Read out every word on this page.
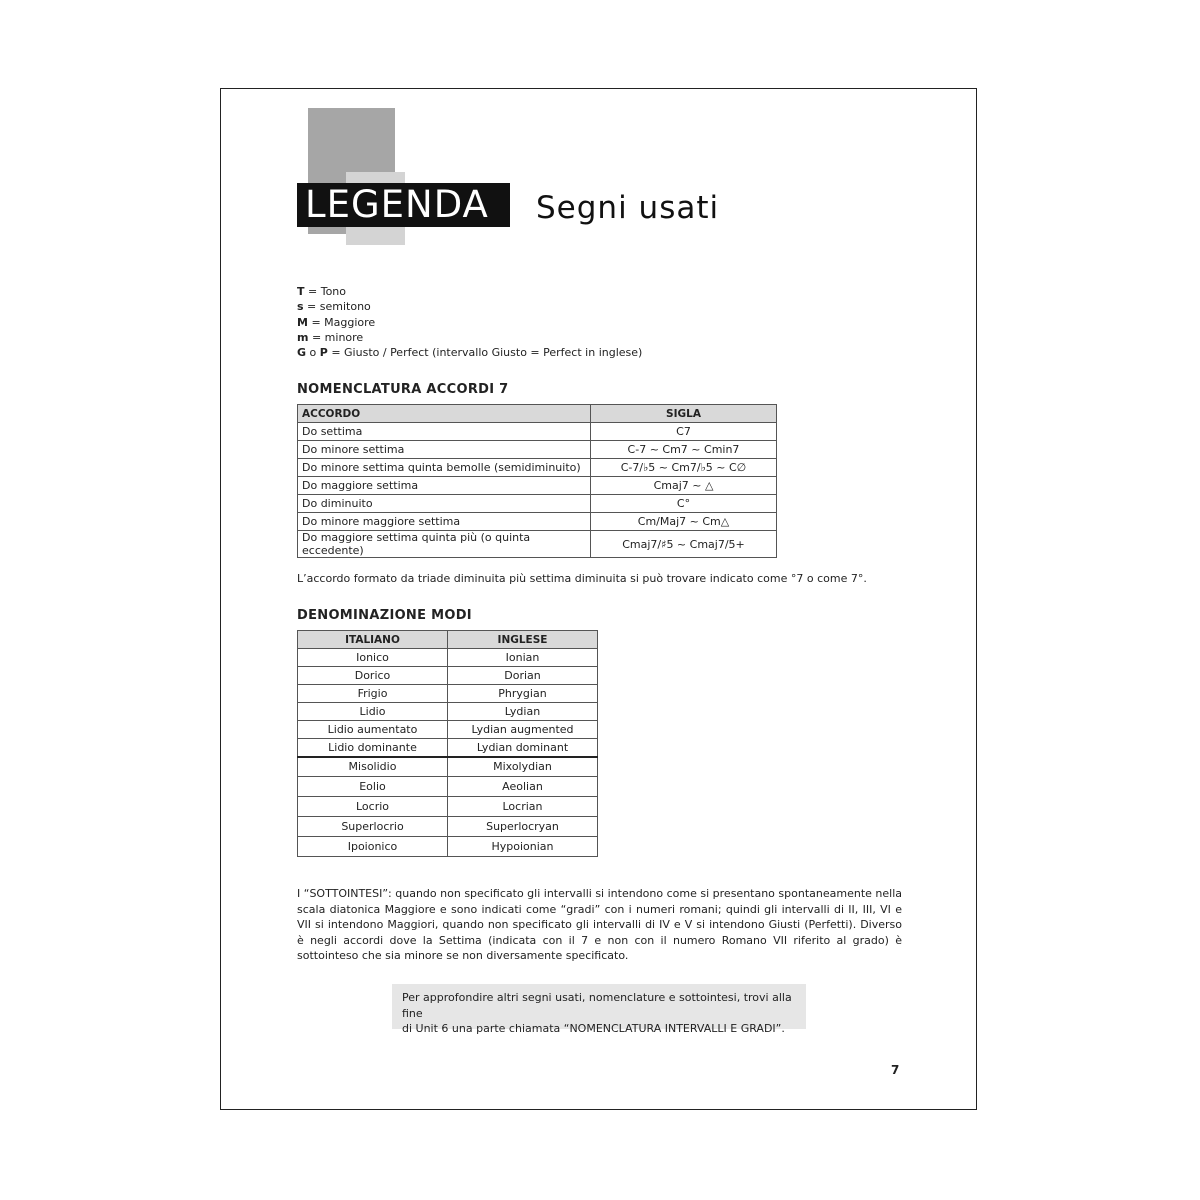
LEGENDA	Segni usati
T = Tono
s = semitono
M = Maggiore
m = minore
G o P = Giusto / Perfect (intervallo Giusto = Perfect in inglese)
NOMENCLATURA ACCORDI 7
ACCORDO	SIGLA
Do settima	C7
Do minore settima	C-7 ~ Cm7 ~ Cmin7
Do minore settima quinta bemolle (semidiminuito)	C-7/♭5 ~ Cm7/♭5 ~ C∅
Do maggiore settima	Cmaj7 ~ △
Do diminuito	C°
Do minore maggiore settima	Cm/Maj7 ~ Cm△
Do maggiore settima quinta più (o quinta eccedente)	Cmaj7/♯5 ~ Cmaj7/5+
L’accordo formato da triade diminuita più settima diminuita si può trovare indicato come °7 o come 7°.
DENOMINAZIONE MODI
ITALIANO	INGLESE
Ionico	Ionian
Dorico	Dorian
Frigio	Phrygian
Lidio	Lydian
Lidio aumentato	Lydian augmented
Lidio dominante	Lydian dominant
Misolidio	Mixolydian
Eolio	Aeolian
Locrio	Locrian
Superlocrio	Superlocryan
Ipoionico	Hypoionian
I “SOTTOINTESI”: quando non specificato gli intervalli si intendono come si presentano spontaneamente nella scala diatonica Maggiore e sono indicati come “gradi” con i numeri romani; quindi gli intervalli di II, III, VI e VII si intendono Maggiori, quando non specificato gli intervalli di IV e V si intendono Giusti (Perfetti). Diverso è negli accordi dove la Settima (indicata con il 7 e non con il numero Romano VII riferito al grado) è sottointeso che sia minore se non diversamente specificato.
Per approfondire altri segni usati, nomenclature e sottointesi, trovi alla fine
di Unit 6 una parte chiamata “NOMENCLATURA INTERVALLI E GRADI”.
7
